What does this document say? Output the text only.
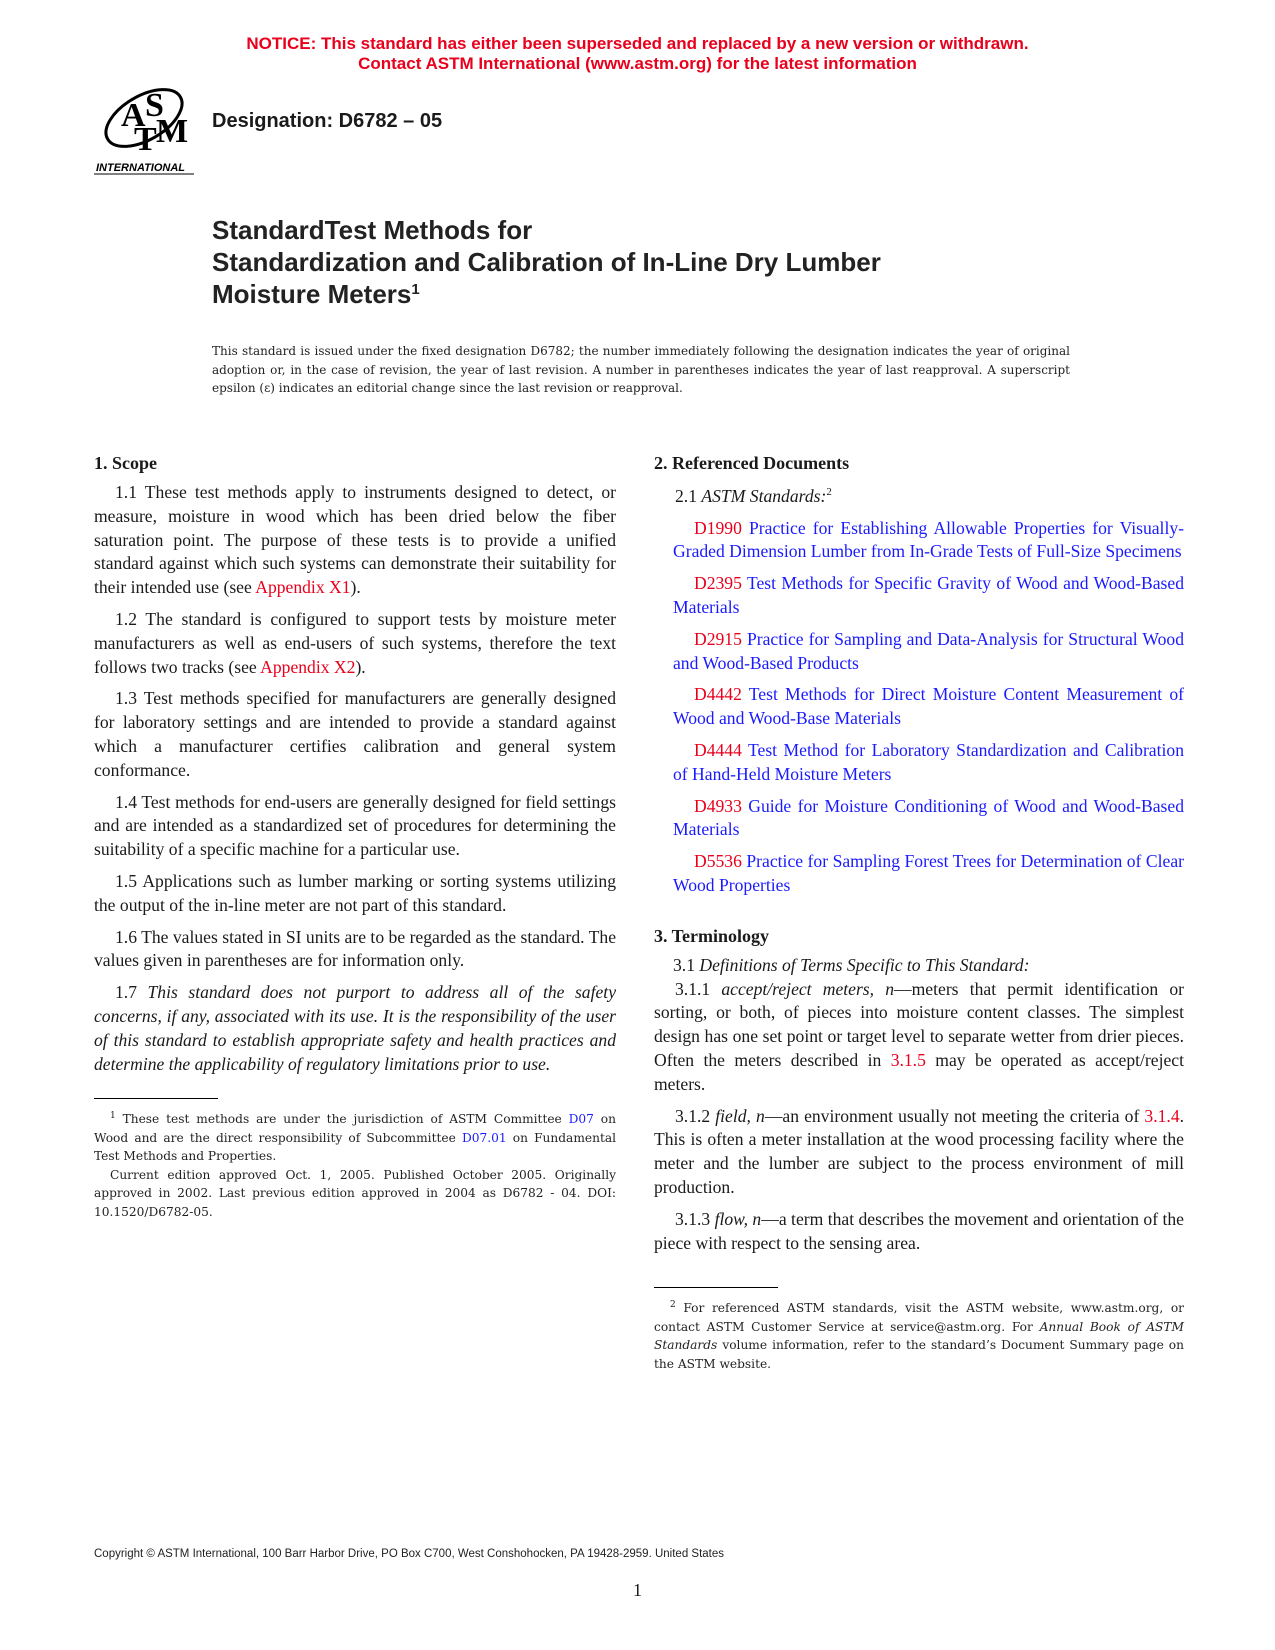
NOTICE: This standard has either been superseded and replaced by a new version or withdrawn.
Contact ASTM International (www.astm.org) for the latest information
A S
T M
INTERNATIONAL
Designation: D6782 – 05
StandardTest Methods for
Standardization and Calibration of In-Line Dry Lumber
Moisture Meters$^1$
This standard is issued under the fixed designation D6782; the number immediately following the designation indicates the year of original adoption or, in the case of revision, the year of last revision. A number in parentheses indicates the year of last reapproval. A superscript epsilon (ε) indicates an editorial change since the last revision or reapproval.
1. Scope

1.1 These test methods apply to instruments designed to detect, or measure, moisture in wood which has been dried below the fiber saturation point. The purpose of these tests is to provide a unified standard against which such systems can demonstrate their suitability for their intended use (see Appendix X1).

1.2 The standard is configured to support tests by moisture meter manufacturers as well as end-users of such systems, therefore the text follows two tracks (see Appendix X2).

1.3 Test methods specified for manufacturers are generally designed for laboratory settings and are intended to provide a standard against which a manufacturer certifies calibration and general system conformance.

1.4 Test methods for end-users are generally designed for field settings and are intended as a standardized set of procedures for determining the suitability of a specific machine for a particular use.

1.5 Applications such as lumber marking or sorting systems utilizing the output of the in-line meter are not part of this standard.

1.6 The values stated in SI units are to be regarded as the standard. The values given in parentheses are for information only.

1.7 This standard does not purport to address all of the safety concerns, if any, associated with its use. It is the responsibility of the user of this standard to establish appropriate safety and health practices and determine the applicability of regulatory limitations prior to use.

$^1$ These test methods are under the jurisdiction of ASTM Committee D07 on Wood and are the direct responsibility of Subcommittee D07.01 on Fundamental Test Methods and Properties.

Current edition approved Oct. 1, 2005. Published October 2005. Originally approved in 2002. Last previous edition approved in 2004 as D6782 - 04. DOI: 10.1520/D6782-05.

2. Referenced Documents

2.1 ASTM Standards:$^2$

D1990 Practice for Establishing Allowable Properties for Visually-Graded Dimension Lumber from In-Grade Tests of Full-Size Specimens

D2395 Test Methods for Specific Gravity of Wood and Wood-Based Materials

D2915 Practice for Sampling and Data-Analysis for Structural Wood and Wood-Based Products

D4442 Test Methods for Direct Moisture Content Measurement of Wood and Wood-Base Materials

D4444 Test Method for Laboratory Standardization and Calibration of Hand-Held Moisture Meters

D4933 Guide for Moisture Conditioning of Wood and Wood-Based Materials

D5536 Practice for Sampling Forest Trees for Determination of Clear Wood Properties

3. Terminology

3.1 Definitions of Terms Specific to This Standard:

3.1.1 accept/reject meters, n—meters that permit identification or sorting, or both, of pieces into moisture content classes. The simplest design has one set point or target level to separate wetter from drier pieces. Often the meters described in 3.1.5 may be operated as accept/reject meters.

3.1.2 field, n—an environment usually not meeting the criteria of 3.1.4. This is often a meter installation at the wood processing facility where the meter and the lumber are subject to the process environment of mill production.

3.1.3 flow, n—a term that describes the movement and orientation of the piece with respect to the sensing area.

$^2$ For referenced ASTM standards, visit the ASTM website, www.astm.org, or contact ASTM Customer Service at service@astm.org. For Annual Book of ASTM Standards volume information, refer to the standard’s Document Summary page on the ASTM website.

Copyright © ASTM International, 100 Barr Harbor Drive, PO Box C700, West Conshohocken, PA 19428-2959. United States
1
